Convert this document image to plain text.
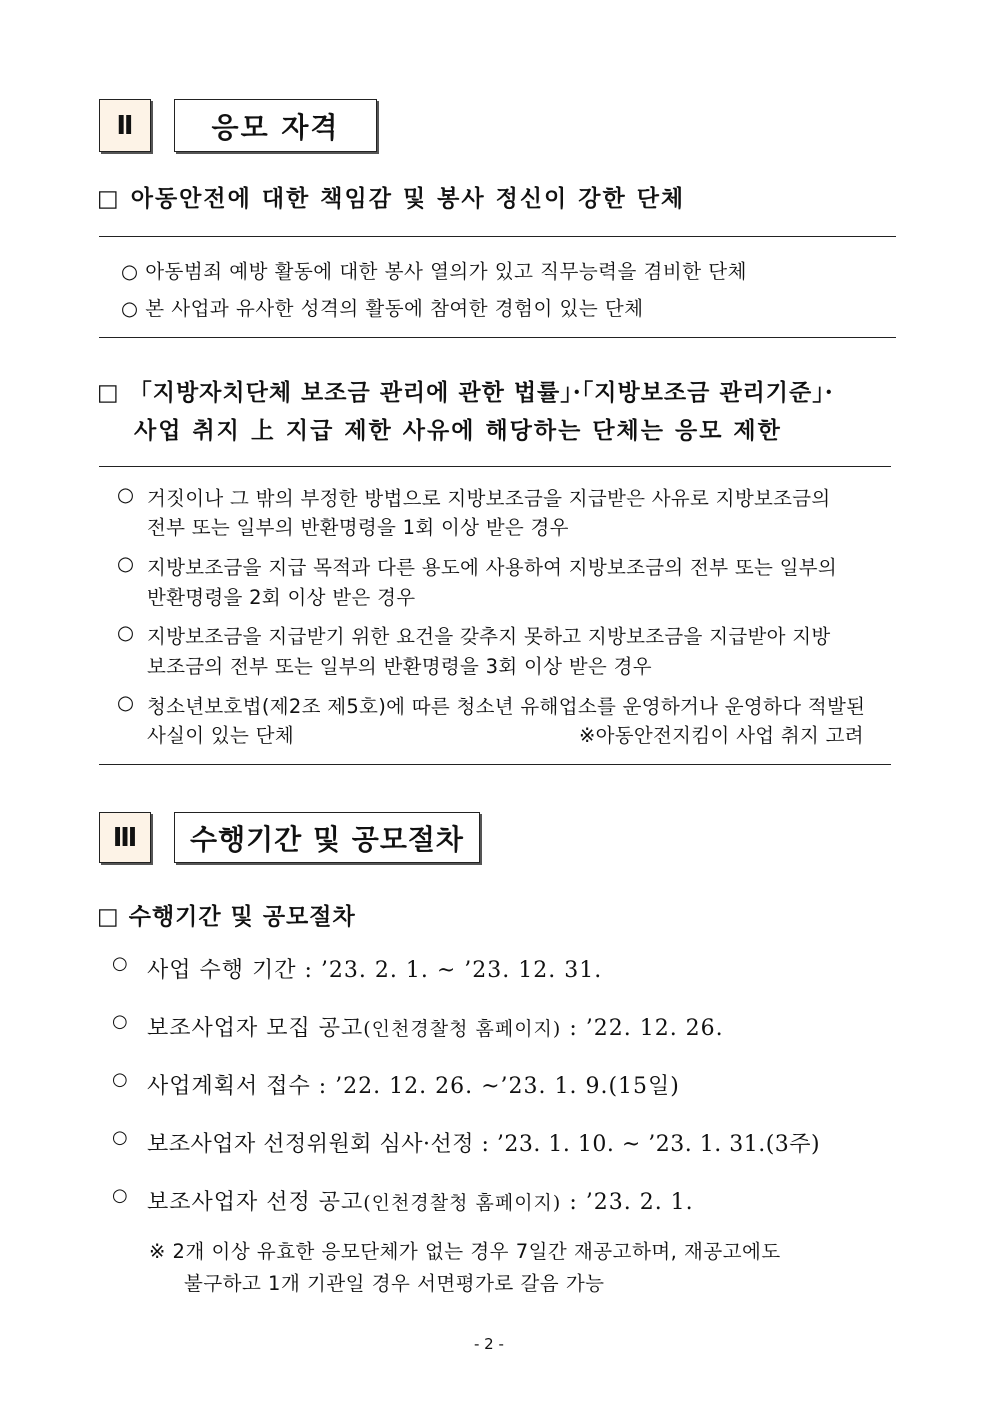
Ⅱ	응모 자격
□ 아동안전에 대한 책임감 및 봉사 정신이 강한 단체
○ 아동범죄 예방 활동에 대한 봉사 열의가 있고 직무능력을 겸비한 단체
○ 본 사업과 유사한 성격의 활동에 참여한 경험이 있는 단체
□ 「지방자치단체 보조금 관리에 관한 법률」·「지방보조금 관리기준」·
사업 취지 上 지급 제한 사유에 해당하는 단체는 응모 제한
○ 거짓이나 그 밖의 부정한 방법으로 지방보조금을 지급받은 사유로 지방보조금의
전부 또는 일부의 반환명령을 1회 이상 받은 경우
○ 지방보조금을 지급 목적과 다른 용도에 사용하여 지방보조금의 전부 또는 일부의
반환명령을 2회 이상 받은 경우
○ 지방보조금을 지급받기 위한 요건을 갖추지 못하고 지방보조금을 지급받아 지방
보조금의 전부 또는 일부의 반환명령을 3회 이상 받은 경우
○ 청소년보호법(제2조 제5호)에 따른 청소년 유해업소를 운영하거나 운영하다 적발된
사실이 있는 단체	※아동안전지킴이 사업 취지 고려
Ⅲ 수행기간 및 공모절차
□ 수행기간 및 공모절차
○ 사업 수행 기간 : ’23. 2. 1. ~ ’23. 12. 31.
○ 보조사업자 모집 공고(인천경찰청 홈페이지) : ’22. 12. 26.
○ 사업계획서 접수 : ’22. 12. 26. ~’23. 1. 9.(15일)
○ 보조사업자 선정위원회 심사·선정 : ’23. 1. 10. ~ ’23. 1. 31.(3주)
○ 보조사업자 선정 공고(인천경찰청 홈페이지) : ’23. 2. 1.
※ 2개 이상 유효한 응모단체가 없는 경우 7일간 재공고하며, 재공고에도
불구하고 1개 기관일 경우 서면평가로 갈음 가능
- 2 -
